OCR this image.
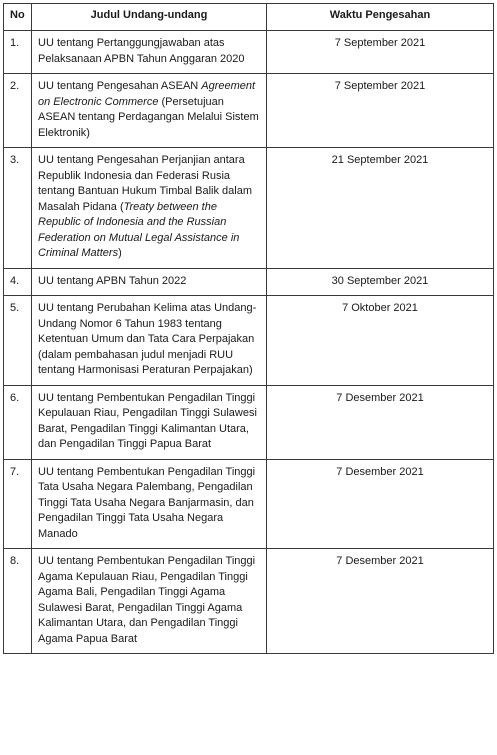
No	Judul Undang-undang	Waktu Pengesahan
1.	UU tentang Pertanggungjawaban atas Pelaksanaan APBN Tahun Anggaran 2020	7 September 2021
2.	UU tentang Pengesahan ASEAN Agreement on Electronic Commerce (Persetujuan ASEAN tentang Perdagangan Melalui Sistem Elektronik)	7 September 2021
3.	UU tentang Pengesahan Perjanjian antara Republik Indonesia dan Federasi Rusia tentang Bantuan Hukum Timbal Balik dalam Masalah Pidana (Treaty between the Republic of Indonesia and the Russian Federation on Mutual Legal Assistance in Criminal Matters)	21 September 2021
4.	UU tentang APBN Tahun 2022	30 September 2021
5.	UU tentang Perubahan Kelima atas Undang- Undang Nomor 6 Tahun 1983 tentang Ketentuan Umum dan Tata Cara Perpajakan (dalam pembahasan judul menjadi RUU tentang Harmonisasi Peraturan Perpajakan)	7 Oktober 2021
6.	UU tentang Pembentukan Pengadilan Tinggi Kepulauan Riau, Pengadilan Tinggi Sulawesi Barat, Pengadilan Tinggi Kalimantan Utara, dan Pengadilan Tinggi Papua Barat	7 Desember 2021
7.	UU tentang Pembentukan Pengadilan Tinggi Tata Usaha Negara Palembang, Pengadilan Tinggi Tata Usaha Negara Banjarmasin, dan Pengadilan Tinggi Tata Usaha Negara Manado	7 Desember 2021
8.	UU tentang Pembentukan Pengadilan Tinggi Agama Kepulauan Riau, Pengadilan Tinggi Agama Bali, Pengadilan Tinggi Agama Sulawesi Barat, Pengadilan Tinggi Agama Kalimantan Utara, dan Pengadilan Tinggi Agama Papua Barat	7 Desember 2021
